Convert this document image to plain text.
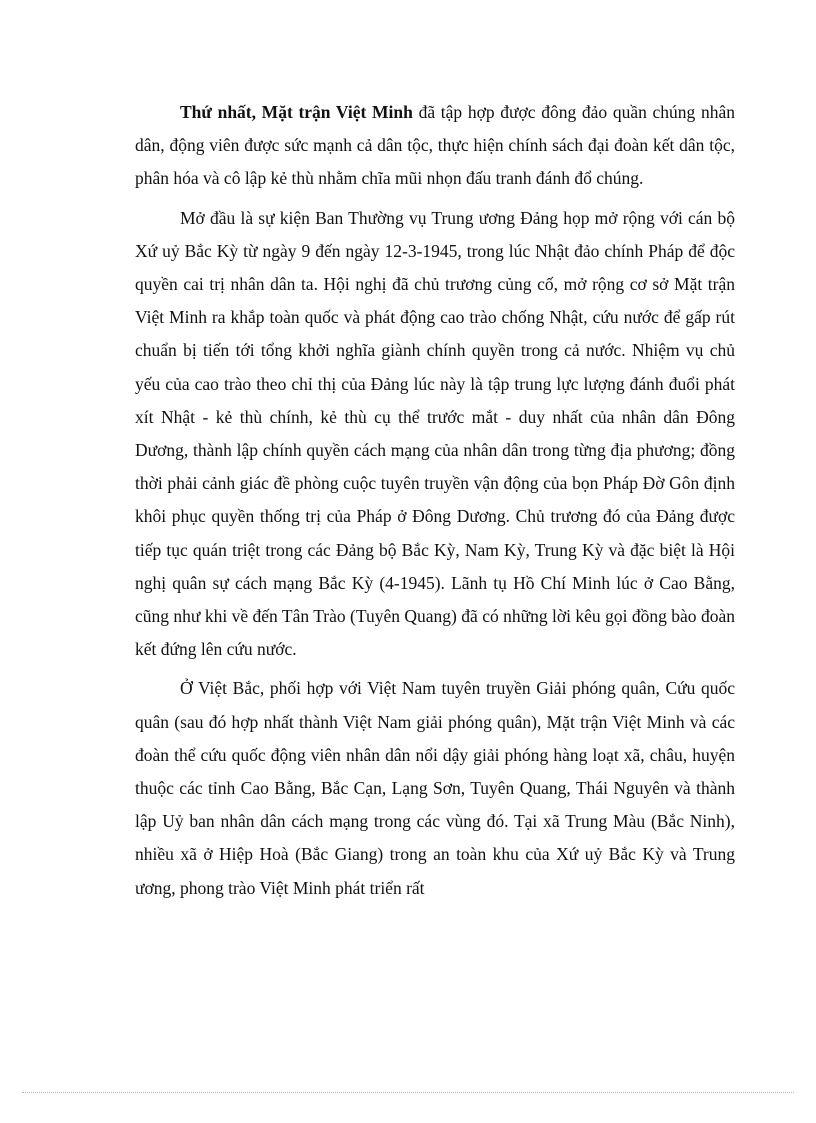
Thứ nhất, Mặt trận Việt Minh đã tập hợp được đông đảo quần chúng nhân dân, động viên được sức mạnh cả dân tộc, thực hiện chính sách đại đoàn kết dân tộc, phân hóa và cô lập kẻ thù nhằm chĩa mũi nhọn đấu tranh đánh đổ chúng.

Mở đầu là sự kiện Ban Thường vụ Trung ương Đảng họp mở rộng với cán bộ Xứ uỷ Bắc Kỳ từ ngày 9 đến ngày 12-3-1945, trong lúc Nhật đảo chính Pháp để độc quyền cai trị nhân dân ta. Hội nghị đã chủ trương củng cố, mở rộng cơ sở Mặt trận Việt Minh ra khắp toàn quốc và phát động cao trào chống Nhật, cứu nước để gấp rút chuẩn bị tiến tới tổng khởi nghĩa giành chính quyền trong cả nước. Nhiệm vụ chủ yếu của cao trào theo chỉ thị của Đảng lúc này là tập trung lực lượng đánh đuổi phát xít Nhật - kẻ thù chính, kẻ thù cụ thể trước mắt - duy nhất của nhân dân Đông Dương, thành lập chính quyền cách mạng của nhân dân trong từng địa phương; đồng thời phải cảnh giác đề phòng cuộc tuyên truyền vận động của bọn Pháp Đờ Gôn định khôi phục quyền thống trị của Pháp ở Đông Dương. Chủ trương đó của Đảng được tiếp tục quán triệt trong các Đảng bộ Bắc Kỳ, Nam Kỳ, Trung Kỳ và đặc biệt là Hội nghị quân sự cách mạng Bắc Kỳ (4-1945). Lãnh tụ Hồ Chí Minh lúc ở Cao Bằng, cũng như khi về đến Tân Trào (Tuyên Quang) đã có những lời kêu gọi đồng bào đoàn kết đứng lên cứu nước.

Ở Việt Bắc, phối hợp với Việt Nam tuyên truyền Giải phóng quân, Cứu quốc quân (sau đó hợp nhất thành Việt Nam giải phóng quân), Mặt trận Việt Minh và các đoàn thể cứu quốc động viên nhân dân nổi dậy giải phóng hàng loạt xã, châu, huyện thuộc các tỉnh Cao Bằng, Bắc Cạn, Lạng Sơn, Tuyên Quang, Thái Nguyên và thành lập Uỷ ban nhân dân cách mạng trong các vùng đó. Tại xã Trung Màu (Bắc Ninh), nhiều xã ở Hiệp Hoà (Bắc Giang) trong an toàn khu của Xứ uỷ Bắc Kỳ và Trung ương, phong trào Việt Minh phát triển rất
